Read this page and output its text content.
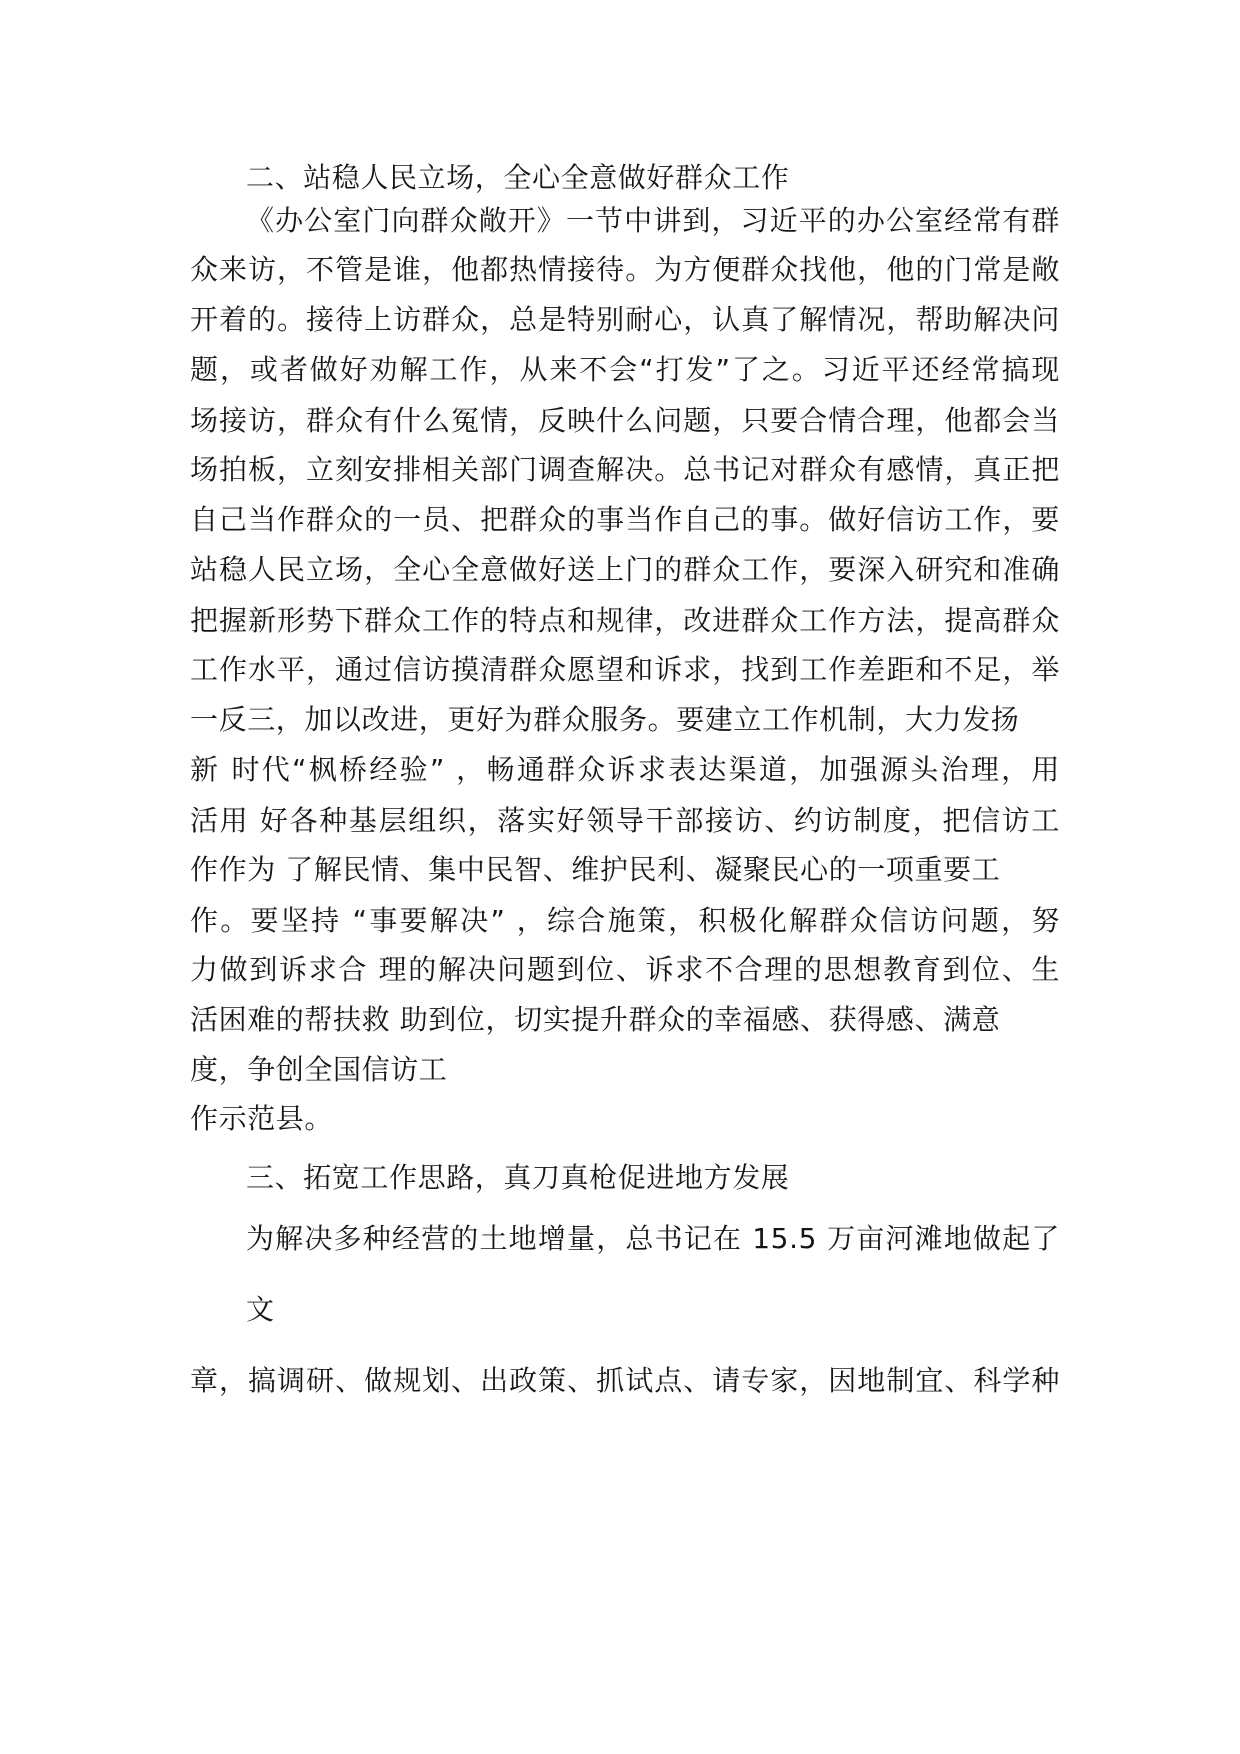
二、站稳人民立场，全心全意做好群众工作
《办公室门向群众敞开》一节中讲到，习近平的办公室经常有群
众来访，不管是谁，他都热情接待。为方便群众找他，他的门常是敞
开着的。接待上访群众，总是特别耐心，认真了解情况，帮助解决问
题，或者做好劝解工作，从来不会“打发”了之。习近平还经常搞现
场接访，群众有什么冤情，反映什么问题，只要合情合理，他都会当
场拍板，立刻安排相关部门调查解决。总书记对群众有感情，真正把
自己当作群众的一员、把群众的事当作自己的事。做好信访工作，要
站稳人民立场，全心全意做好送上门的群众工作，要深入研究和准确
把握新形势下群众工作的特点和规律，改进群众工作方法，提高群众
工作水平，通过信访摸清群众愿望和诉求，找到工作差距和不足，举
一反三，加以改进，更好为群众服务。要建立工作机制，大力发扬
新 时代“枫桥经验” ，畅通群众诉求表达渠道，加强源头治理，用
活用 好各种基层组织，落实好领导干部接访、约访制度，把信访工
作作为 了解民情、集中民智、维护民利、凝聚民心的一项重要工
作。要坚持 “事要解决” ，综合施策，积极化解群众信访问题，努
力做到诉求合 理的解决问题到位、诉求不合理的思想教育到位、生
活困难的帮扶救 助到位，切实提升群众的幸福感、获得感、满意
度，争创全国信访工
作示范县。
三、拓宽工作思路，真刀真枪促进地方发展
为解决多种经营的土地增量，总书记在 15.5 万亩河滩地做起了
文
章，搞调研、做规划、出政策、抓试点、请专家，因地制宜、科学种
